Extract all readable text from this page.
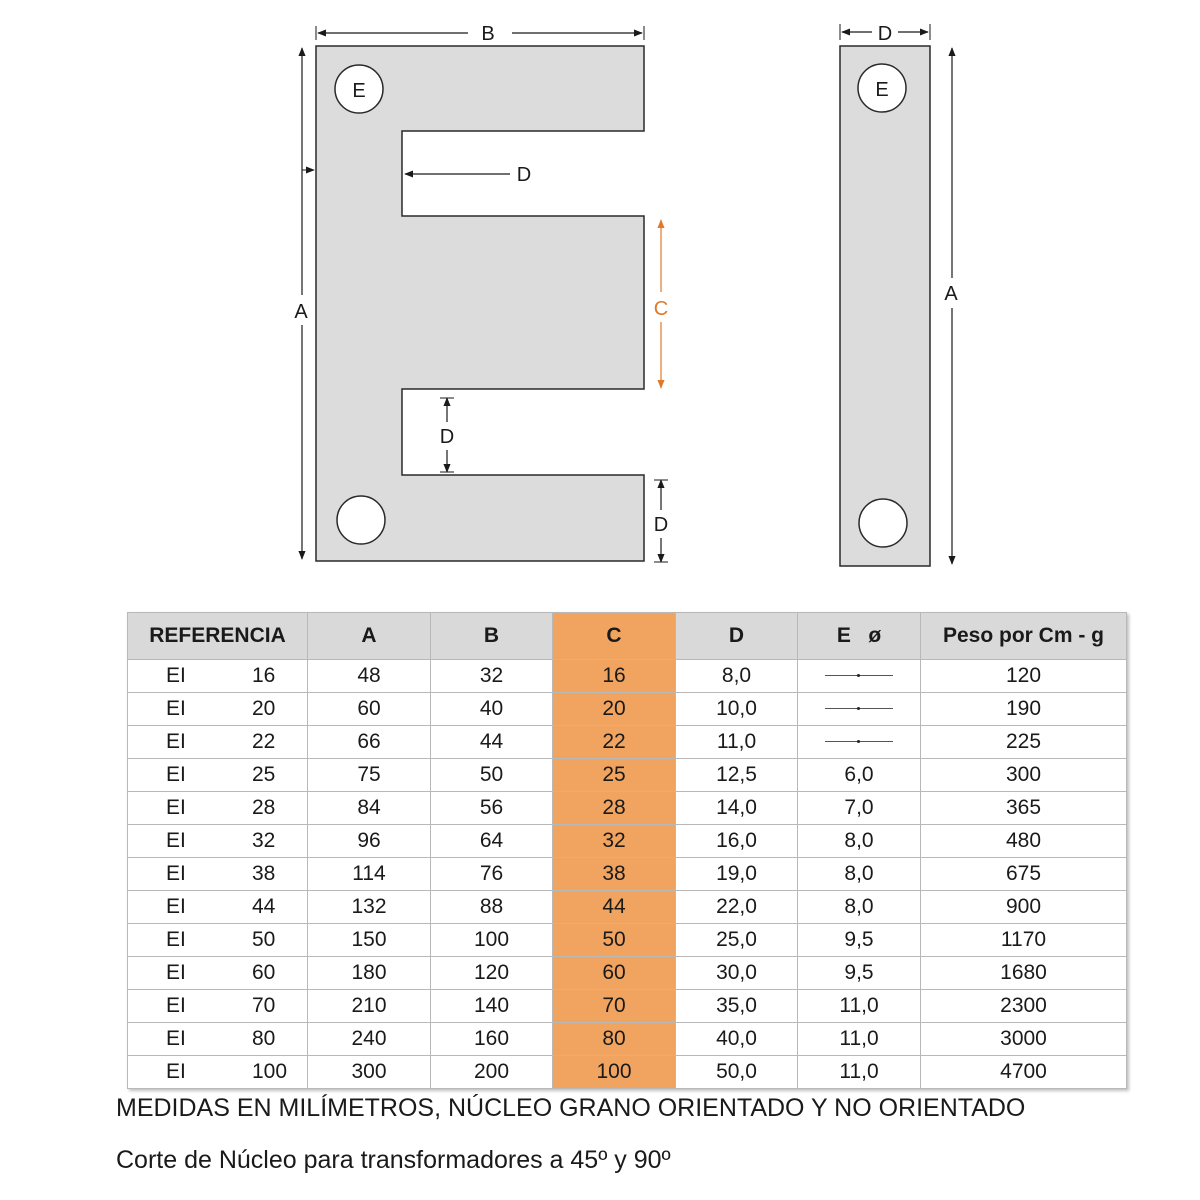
B
A
D
C
D
D
D
A
E	E
REFERENCIA	A	B	C	D	E   ø	Peso por Cm - g

EI 16	48	32	16	8,0		120

EI 20	60	40	20	10,0		190

EI 22	66	44	22	11,0		225

EI 25	75	50	25	12,5	6,0	300

EI 28	84	56	28	14,0	7,0	365

EI 32	96	64	32	16,0	8,0	480

EI 38	114	76	38	19,0	8,0	675

EI 44	132	88	44	22,0	8,0	900

EI 50	150	100	50	25,0	9,5	1170

EI 60	180	120	60	30,0	9,5	1680

EI 70	210	140	70	35,0	11,0	2300

EI 80	240	160	80	40,0	11,0	3000

EI 100	300	200	100	50,0	11,0	4700
MEDIDAS EN MILÍMETROS, NÚCLEO GRANO ORIENTADO Y NO ORIENTADO
Corte de Núcleo para transformadores a 45º y 90º
